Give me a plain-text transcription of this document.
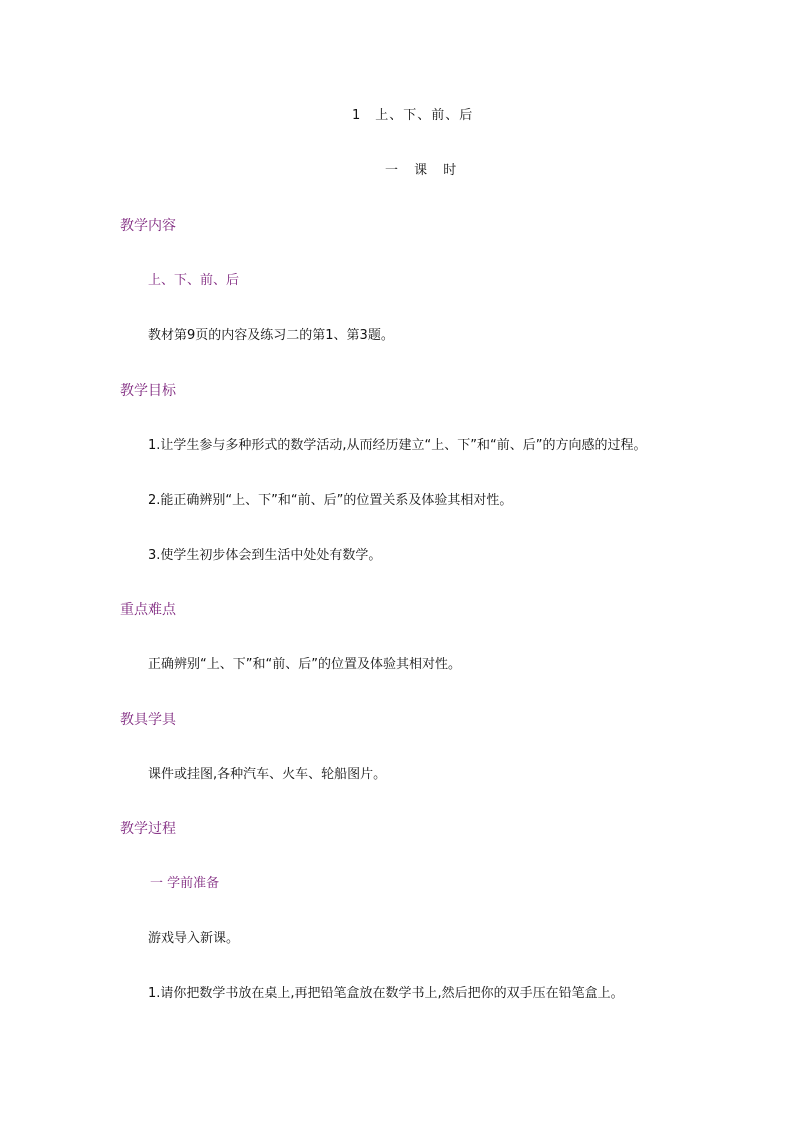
1　上、下、前、后
一 课 时
教学内容
上、下、前、后
教材第9页的内容及练习二的第1、第3题。
教学目标
1.让学生参与多种形式的数学活动,从而经历建立“上、下”和“前、后”的方向感的过程。
2.能正确辨别“上、下”和“前、后”的位置关系及体验其相对性。
3.使学生初步体会到生活中处处有数学。
重点难点
正确辨别“上、下”和“前、后”的位置及体验其相对性。
教具学具
课件或挂图,各种汽车、火车、轮船图片。
教学过程
一 学前准备
游戏导入新课。
1.请你把数学书放在桌上,再把铅笔盒放在数学书上,然后把你的双手压在铅笔盒上。
